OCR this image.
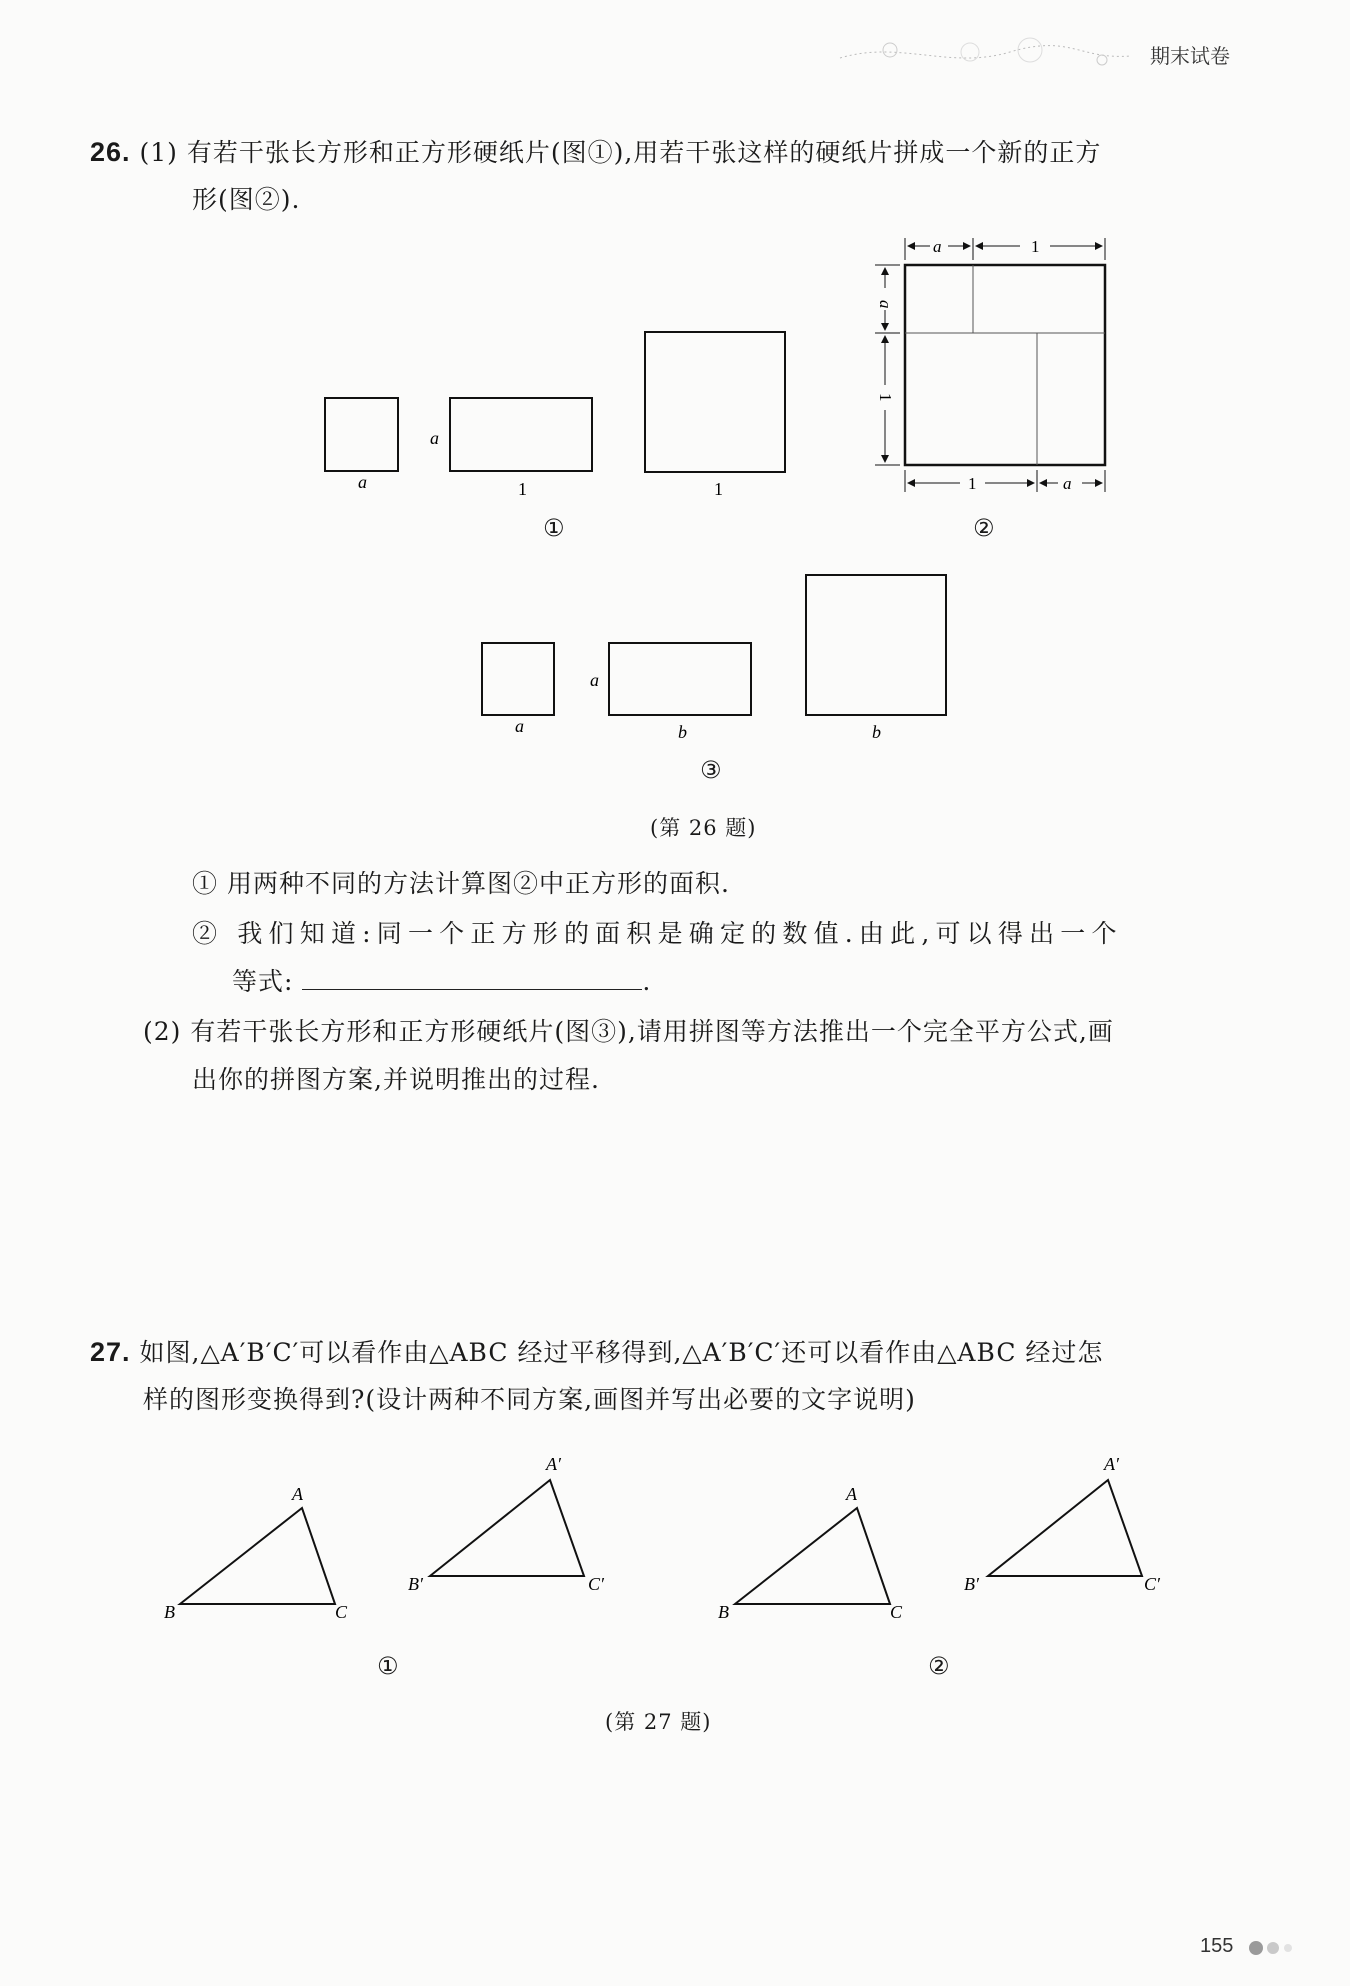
期末试卷
26. (1) 有若干张长方形和正方形硬纸片(图①),用若干张这样的硬纸片拼成一个新的正方
形(图②).
a
a
1	1
①
a	1
a
1
1	a
②
a
a
b	b
③
(第 26 题)
① 用两种不同的方法计算图②中正方形的面积.
② 我们知道:同一个正方形的面积是确定的数值.由此,可以得出一个
等式:	.
(2) 有若干张长方形和正方形硬纸片(图③),请用拼图等方法推出一个完全平方公式,画
出你的拼图方案,并说明推出的过程.
27. 如图,△A′B′C′可以看作由△ABC 经过平移得到,△A′B′C′还可以看作由△ABC 经过怎
样的图形变换得到?(设计两种不同方案,画图并写出必要的文字说明)
A
B	C
A′
B′	C′
①
A
B	C
A′
B′	C′
②
(第 27 题)
155
